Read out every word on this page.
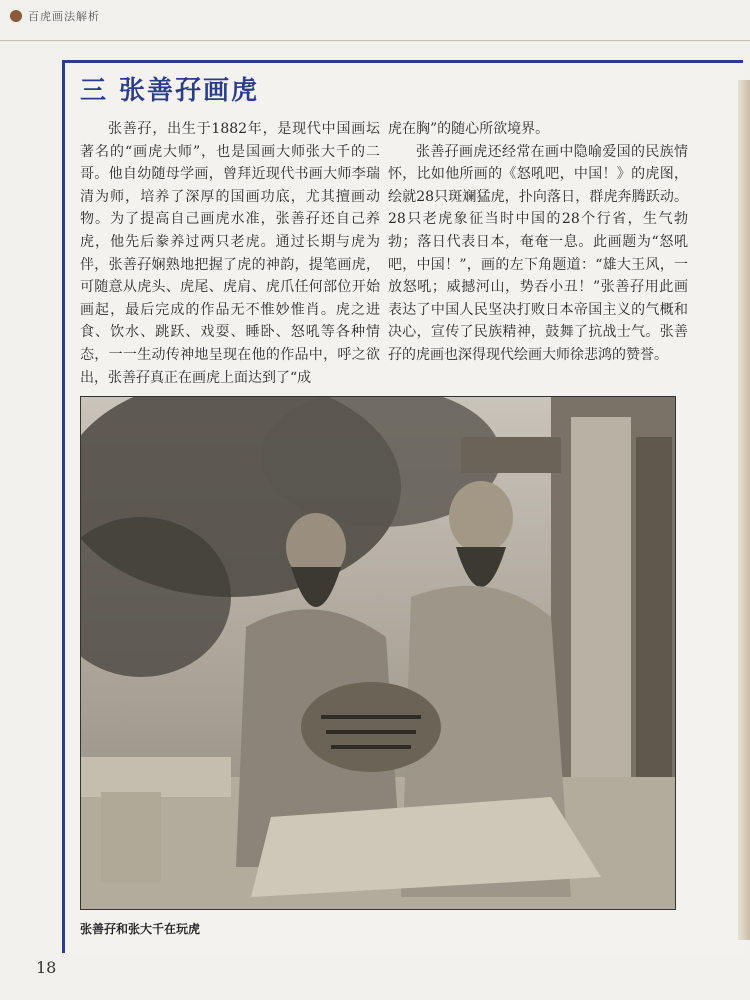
百虎画法解析
三 张善孖画虎

张善孖，出生于1882年，是现代中国画坛著名的“画虎大师”，也是国画大师张大千的二哥。他自幼随母学画，曾拜近现代书画大师李瑞清为师，培养了深厚的国画功底，尤其擅画动物。为了提高自己画虎水准，张善孖还自己养虎，他先后豢养过两只老虎。通过长期与虎为伴，张善孖娴熟地把握了虎的神韵，提笔画虎，可随意从虎头、虎尾、虎肩、虎爪任何部位开始画起，最后完成的作品无不惟妙惟肖。虎之进食、饮水、跳跃、戏耍、睡卧、怒吼等各种情态，一一生动传神地呈现在他的作品中，呼之欲出，张善孖真正在画虎上面达到了“成

虎在胸”的随心所欲境界。

张善孖画虎还经常在画中隐喻爱国的民族情怀，比如他所画的《怒吼吧，中国！》的虎图，绘就28只斑斓猛虎，扑向落日，群虎奔腾跃动。28只老虎象征当时中国的28个行省，生气勃勃；落日代表日本，奄奄一息。此画题为“怒吼吧，中国！”，画的左下角题道：“雄大王风，一放怒吼；威撼河山，势吞小丑！”张善孖用此画表达了中国人民坚决打败日本帝国主义的气概和决心，宣传了民族精神，鼓舞了抗战士气。张善孖的虎画也深得现代绘画大师徐悲鸿的赞誉。

张善孖和张大千在玩虎
18
